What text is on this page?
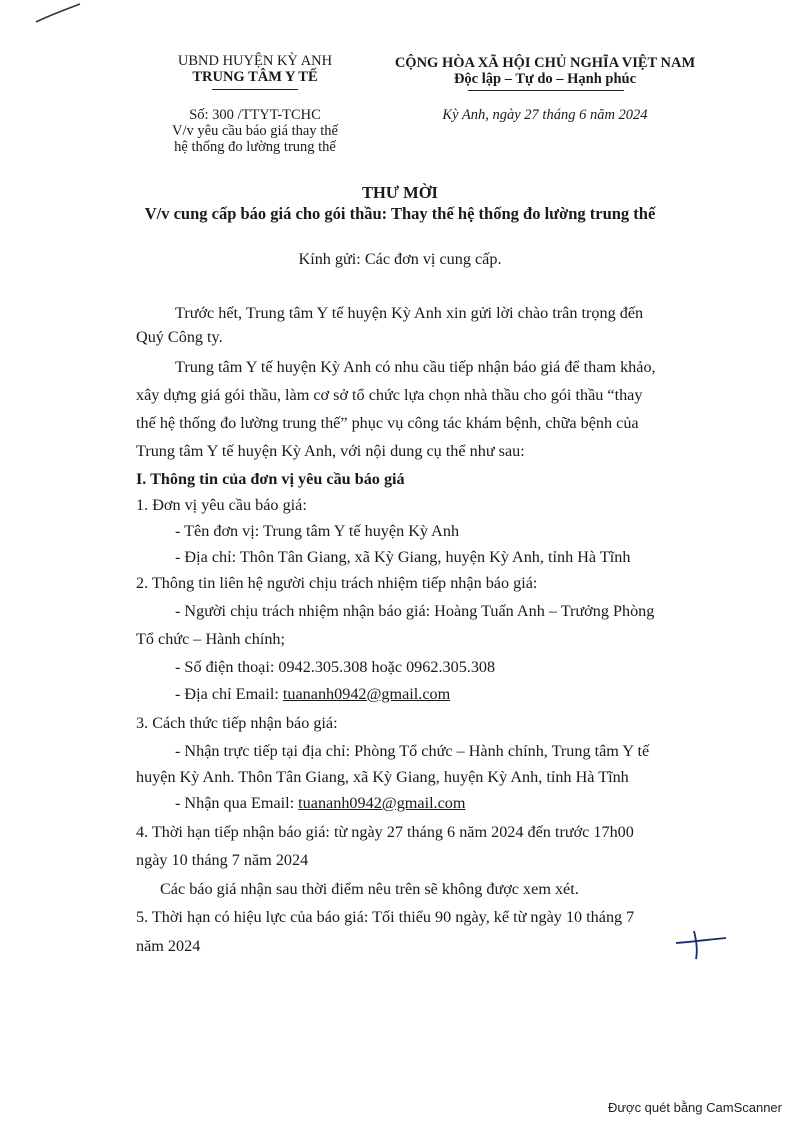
UBND HUYỆN KỲ ANH
TRUNG TÂM Y TẾ
Số: 300 /TTYT-TCHC
V/v yêu cầu báo giá thay thế
hệ thống đo lường trung thế
CỘNG HÒA XÃ HỘI CHỦ NGHĨA VIỆT NAM
Độc lập – Tự do – Hạnh phúc
Kỳ Anh, ngày 27 tháng 6 năm 2024
THƯ MỜI
V/v cung cấp báo giá cho gói thầu: Thay thế hệ thống đo lường trung thế
Kính gửi: Các đơn vị cung cấp.
Trước hết, Trung tâm Y tế huyện Kỳ Anh xin gửi lời chào trân trọng đến
Quý Công ty.
Trung tâm Y tế huyện Kỳ Anh có nhu cầu tiếp nhận báo giá để tham khảo,
xây dựng giá gói thầu, làm cơ sở tổ chức lựa chọn nhà thầu cho gói thầu “thay
thế hệ thống đo lường trung thế” phục vụ công tác khám bệnh, chữa bệnh của
Trung tâm Y tế huyện Kỳ Anh, với nội dung cụ thể như sau:
I. Thông tin của đơn vị yêu cầu báo giá
1. Đơn vị yêu cầu báo giá:
- Tên đơn vị: Trung tâm Y tế huyện Kỳ Anh
- Địa chỉ: Thôn Tân Giang, xã Kỳ Giang, huyện Kỳ Anh, tỉnh Hà Tĩnh
2. Thông tin liên hệ người chịu trách nhiệm tiếp nhận báo giá:
- Người chịu trách nhiệm nhận báo giá: Hoàng Tuấn Anh – Trưởng Phòng
Tổ chức – Hành chính;
- Số điện thoại: 0942.305.308 hoặc 0962.305.308
- Địa chỉ Email: tuananh0942@gmail.com
3. Cách thức tiếp nhận báo giá:
- Nhận trực tiếp tại địa chỉ: Phòng Tổ chức – Hành chính, Trung tâm Y tế
huyện Kỳ Anh. Thôn Tân Giang, xã Kỳ Giang, huyện Kỳ Anh, tỉnh Hà Tĩnh
- Nhận qua Email: tuananh0942@gmail.com
4. Thời hạn tiếp nhận báo giá: từ ngày 27 tháng 6 năm 2024 đến trước 17h00
ngày 10 tháng 7 năm 2024
Các báo giá nhận sau thời điểm nêu trên sẽ không được xem xét.
5. Thời hạn có hiệu lực của báo giá: Tối thiểu 90 ngày, kể từ ngày 10 tháng 7
năm 2024
Được quét bằng CamScanner
